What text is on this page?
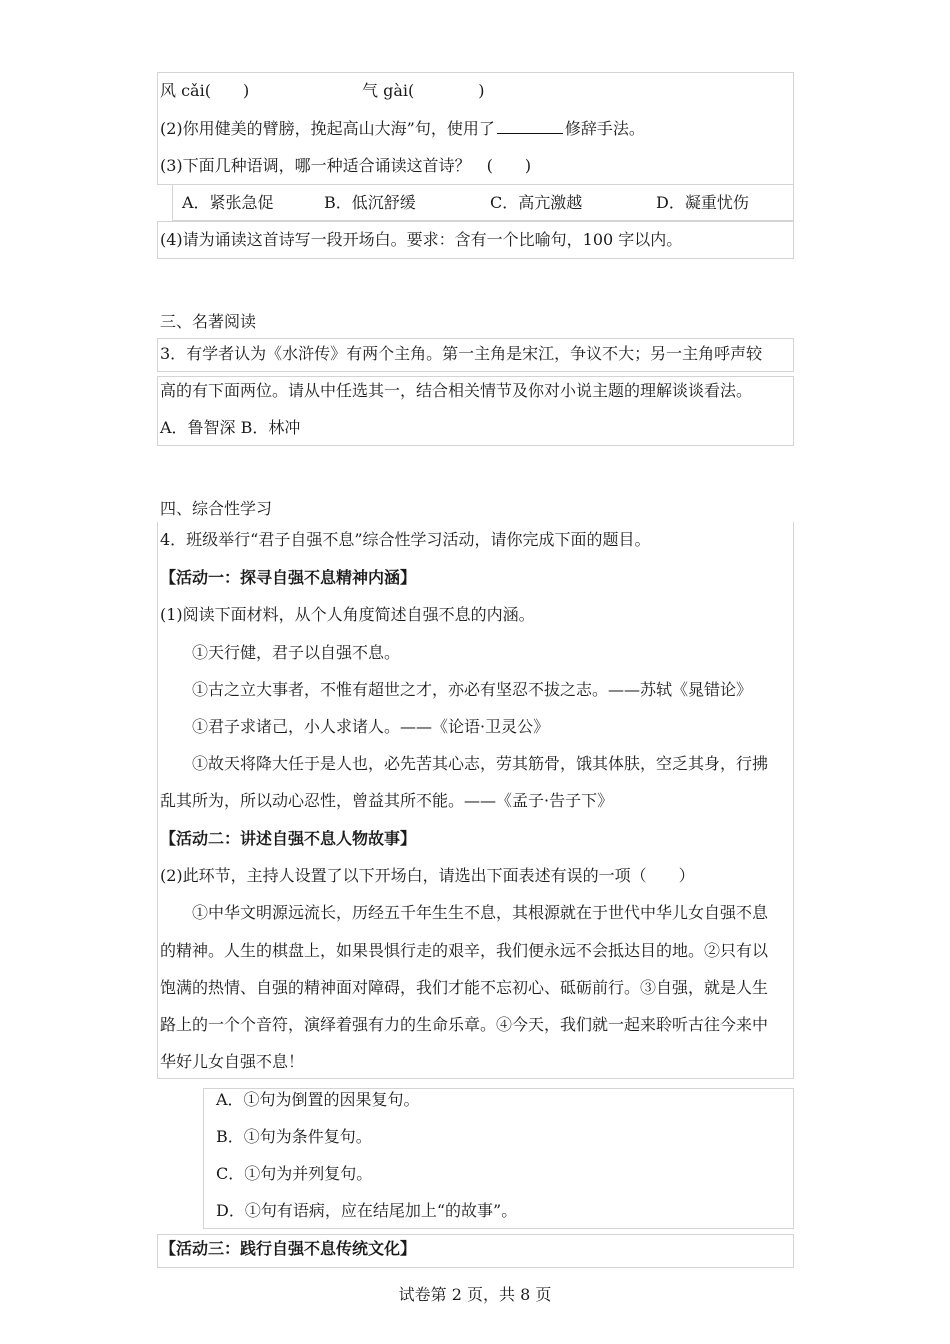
风 cǎi(　　)	气 gài(　　　　)
(2)你用健美的臂膀，挽起高山大海”句，使用了	修辞手法。
(3)下面几种语调，哪一种适合诵读这首诗？　(　　)
A．紧张急促	B．低沉舒缓	C．高亢激越	D．凝重忧伤
(4)请为诵读这首诗写一段开场白。要求：含有一个比喻句，100 字以内。
三、名著阅读
3．有学者认为《水浒传》有两个主角。第一主角是宋江，争议不大；另一主角呼声较
高的有下面两位。请从中任选其一，结合相关情节及你对小说主题的理解谈谈看法。
A．鲁智深 B．林冲
四、综合性学习
4．班级举行“君子自强不息”综合性学习活动，请你完成下面的题目。
【活动一：探寻自强不息精神内涵】
(1)阅读下面材料，从个人角度简述自强不息的内涵。
①天行健，君子以自强不息。
①古之立大事者，不惟有超世之才，亦必有坚忍不拔之志。——苏轼《晁错论》
①君子求诸己，小人求诸人。——《论语·卫灵公》
①故天将降大任于是人也，必先苦其心志，劳其筋骨，饿其体肤，空乏其身，行拂
乱其所为，所以动心忍性，曾益其所不能。——《孟子·告子下》
【活动二：讲述自强不息人物故事】
(2)此环节，主持人设置了以下开场白，请选出下面表述有误的一项（　　）
①中华文明源远流长，历经五千年生生不息，其根源就在于世代中华儿女自强不息
的精神。人生的棋盘上，如果畏惧行走的艰辛，我们便永远不会抵达目的地。②只有以
饱满的热情、自强的精神面对障碍，我们才能不忘初心、砥砺前行。③自强，就是人生
路上的一个个音符，演绎着强有力的生命乐章。④今天，我们就一起来聆听古往今来中
华好儿女自强不息！
A．①句为倒置的因果复句。
B．①句为条件复句。
C．①句为并列复句。
D．①句有语病，应在结尾加上“的故事”。
【活动三：践行自强不息传统文化】
试卷第 2 页，共 8 页
